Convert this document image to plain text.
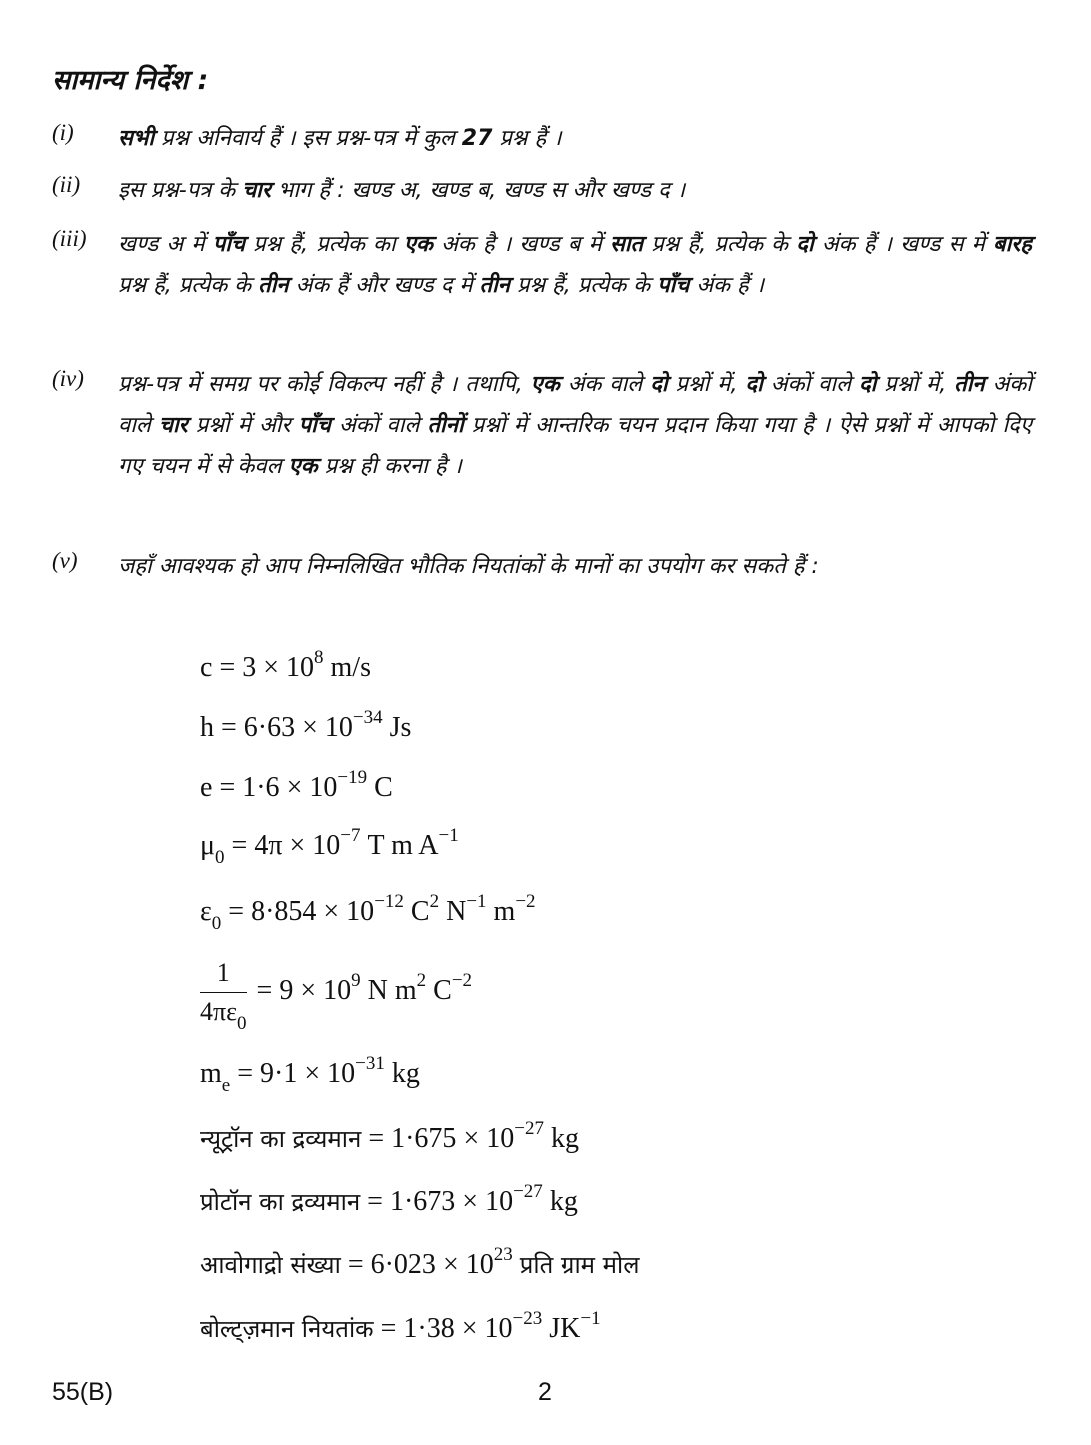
सामान्य निर्देश :
(i) सभी प्रश्न अनिवार्य हैं । इस प्रश्न-पत्र में कुल 27 प्रश्न हैं ।
(ii) इस प्रश्न-पत्र के चार भाग हैं : खण्ड अ, खण्ड ब, खण्ड स और खण्ड द ।
(iii) खण्ड अ में पाँच प्रश्न हैं, प्रत्येक का एक अंक है । खण्ड ब में सात प्रश्न हैं, प्रत्येक के दो अंक हैं । खण्ड स में बारह प्रश्न हैं, प्रत्येक के तीन अंक हैं और खण्ड द में तीन प्रश्न हैं, प्रत्येक के पाँच अंक हैं ।
(iv) प्रश्न-पत्र में समग्र पर कोई विकल्प नहीं है । तथापि, एक अंक वाले दो प्रश्नों में, दो अंकों वाले दो प्रश्नों में, तीन अंकों वाले चार प्रश्नों में और पाँच अंकों वाले तीनों प्रश्नों में आन्तरिक चयन प्रदान किया गया है । ऐसे प्रश्नों में आपको दिए गए चयन में से केवल एक प्रश्न ही करना है ।
(v) जहाँ आवश्यक हो आप निम्नलिखित भौतिक नियतांकों के मानों का उपयोग कर सकते हैं :
$c = 3 \times 10^8$ m/s
$h = 6\cdot 63 \times 10^{-34}$ Js
$e = 1\cdot 6 \times 10^{-19}$ C
$\mu_0 = 4\pi \times 10^{-7}$ T m $A^{-1}$
$\varepsilon_0 = 8\cdot 854 \times 10^{-12}$ $C^2$ $N^{-1}$ $m^{-2}$
$\frac{1}{4\pi\varepsilon_0} = 9 \times 10^9$ N $m^2$ $C^{-2}$
$m_e = 9\cdot 1 \times 10^{-31}$ kg
न्यूट्रॉन का द्रव्यमान = $1\cdot 675 \times 10^{-27}$ kg
प्रोटॉन का द्रव्यमान = $1\cdot 673 \times 10^{-27}$ kg
आवोगाद्रो संख्या = $6\cdot 023 \times 10^{23}$ प्रति ग्राम मोल
बोल्ट्ज़मान नियतांक = $1\cdot 38 \times 10^{-23}$ $JK^{-1}$
55(B)	2
